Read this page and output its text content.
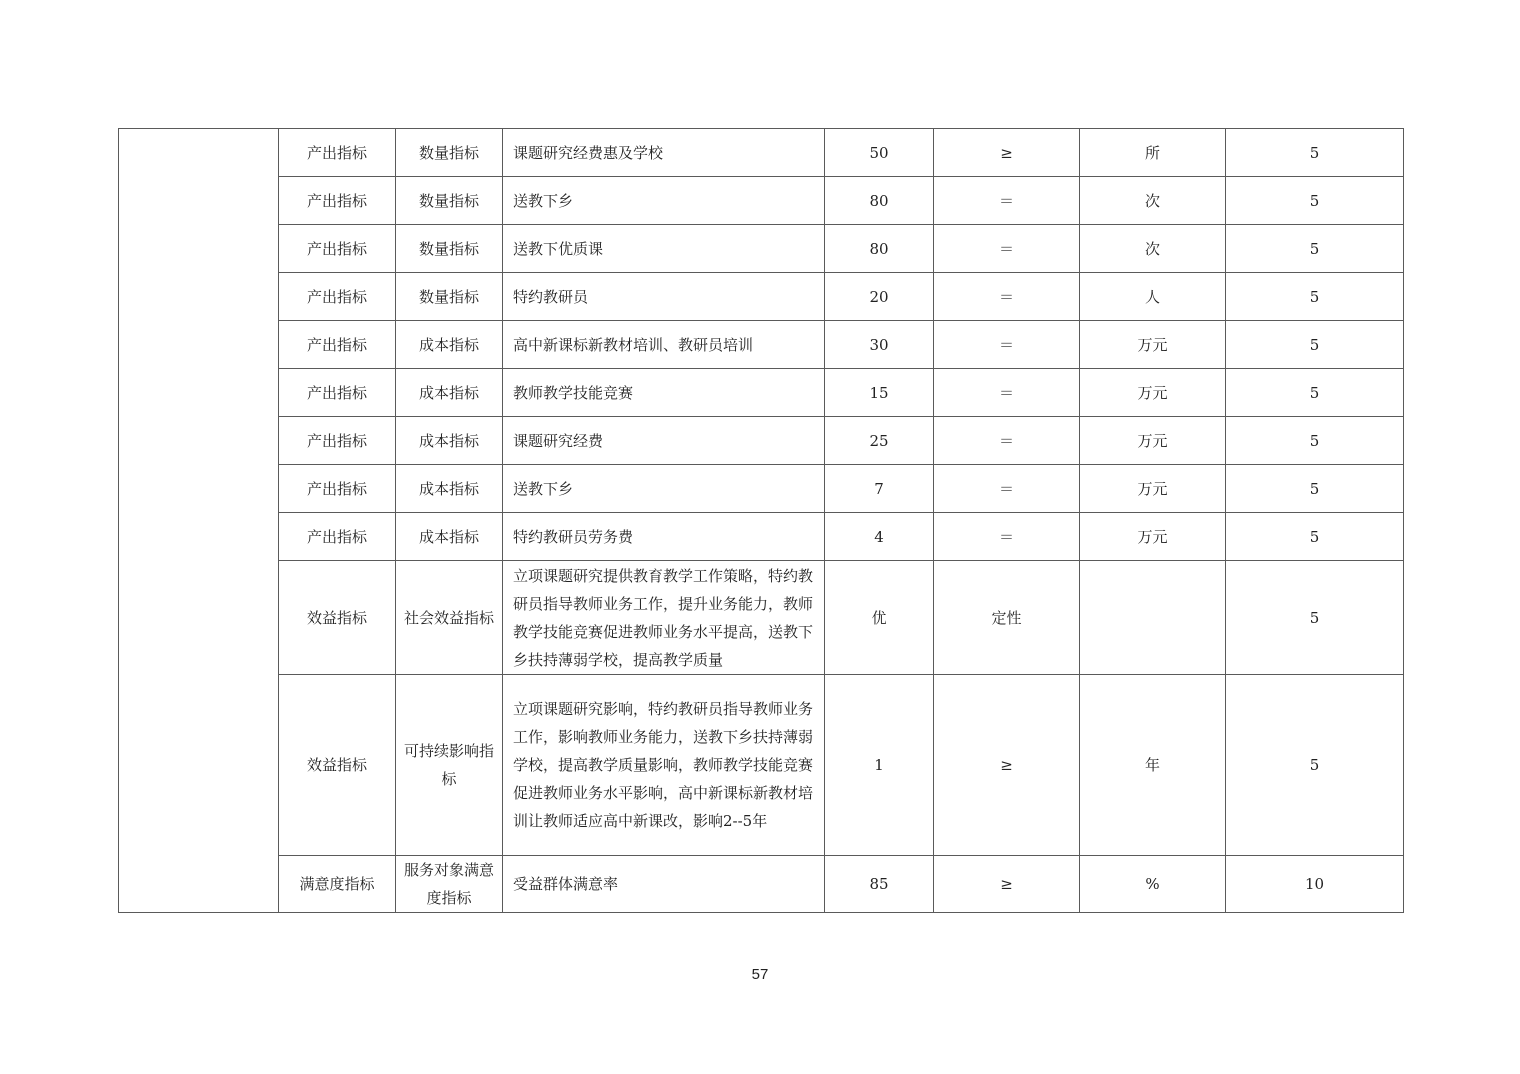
	产出指标	数量指标	课题研究经费惠及学校	50	≥	所	5
	产出指标	数量指标	送教下乡	80	＝	次	5
	产出指标	数量指标	送教下优质课	80	＝	次	5
	产出指标	数量指标	特约教研员	20	＝	人	5
	产出指标	成本指标	高中新课标新教材培训、教研员培训	30	＝	万元	5
	产出指标	成本指标	教师教学技能竞赛	15	＝	万元	5
	产出指标	成本指标	课题研究经费	25	＝	万元	5
	产出指标	成本指标	送教下乡	7	＝	万元	5
	产出指标	成本指标	特约教研员劳务费	4	＝	万元	5
	效益指标	社会效益指标	立项课题研究提供教育教学工作策略，特约教研员指导教师业务工作，提升业务能力，教师教学技能竞赛促进教师业务水平提高，送教下乡扶持薄弱学校，提高教学质量	优	定性		5
	效益指标	可持续影响指标	立项课题研究影响，特约教研员指导教师业务工作，影响教师业务能力，送教下乡扶持薄弱学校，提高教学质量影响，教师教学技能竞赛促进教师业务水平影响，高中新课标新教材培训让教师适应高中新课改，影响2--5年	1	≥	年	5
	满意度指标	服务对象满意度指标	受益群体满意率	85	≥	%	10
57
